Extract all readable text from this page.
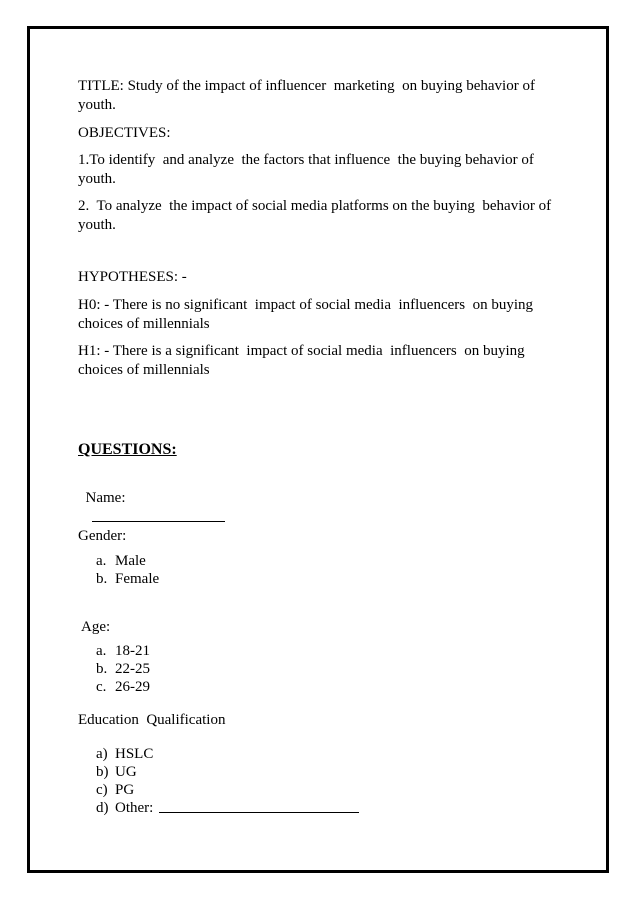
TITLE: Study of the impact of influencer  marketing  on buying behavior of
youth.
OBJECTIVES:
1.To identify  and analyze  the factors that influence  the buying behavior of
youth.
2.  To analyze  the impact of social media platforms on the buying  behavior of
youth.
HYPOTHESES: -
H0: - There is no significant  impact of social media  influencers  on buying
choices of millennials
H1: - There is a significant  impact of social media  influencers  on buying
choices of millennials
QUESTIONS:

Name:

Gender:
a. Male
b. Female
Age:
a. 18-21
b. 22-25
c. 26-29
Education  Qualification
a) HSLC
b) UG
c) PG
d) Other:
